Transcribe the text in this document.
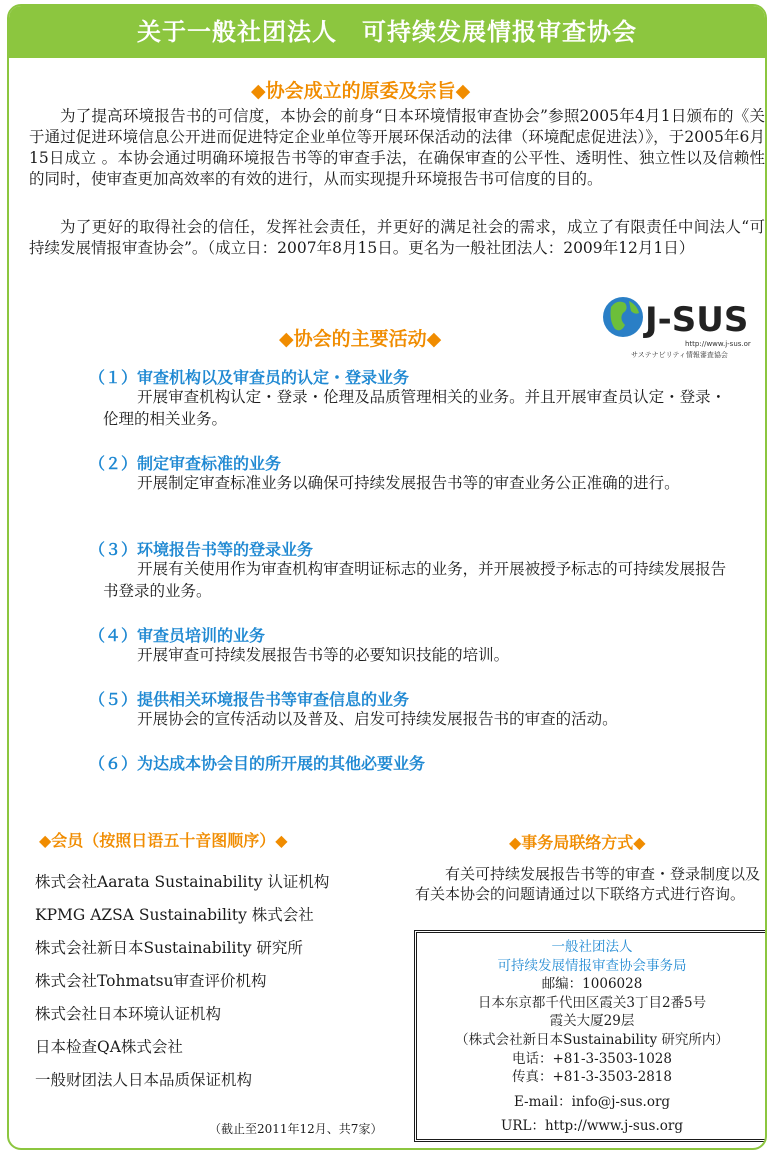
关于一般社团法人　可持续发展情报审查协会
◆协会成立的原委及宗旨◆
为了提高环境报告书的可信度，本协会的前身“日本环境情报审查协会”参照2005年4月1日颁布的《关于通过促进环境信息公开进而促进特定企业单位等开展环保活动的法律（环境配虑促进法）》，于2005年6月15日成立 。本协会通过明确环境报告书等的审查手法，在确保审查的公平性、透明性、独立性以及信赖性的同时，使审查更加高效率的有效的进行，从而实现提升环境报告书可信度的目的。
为了更好的取得社会的信任，发挥社会责任，并更好的满足社会的需求，成立了有限责任中间法人“可持续发展情报审查协会”。（成立日：2007年8月15日。更名为一般社团法人：2009年12月1日）
J-SUS
http://www.j-sus.org
サステナビリティ情報審査協会
◆协会的主要活动◆
（１）审查机构以及审查员的认定・登录业务
开展审查机构认定・登录・伦理及品质管理相关的业务。并且开展审查员认定・登录・伦理的相关业务。
（２）制定审查标准的业务
开展制定审查标准业务以确保可持续发展报告书等的审查业务公正准确的进行。
（３）环境报告书等的登录业务
开展有关使用作为审查机构审查明证标志的业务，并开展被授予标志的可持续发展报告书登录的业务。
（４）审查员培训的业务
开展审查可持续发展报告书等的必要知识技能的培训。
（５）提供相关环境报告书等审查信息的业务
开展协会的宣传活动以及普及、启发可持续发展报告书的审查的活动。
（６）为达成本协会目的所开展的其他必要业务
◆会员（按照日语五十音图顺序）◆
株式会社Aarata Sustainability 认证机构
KPMG AZSA Sustainability 株式会社
株式会社新日本Sustainability 研究所
株式会社Tohmatsu审查评价机构
株式会社日本环境认证机构
日本检查QA株式会社
一般财团法人日本品质保证机构
（截止至2011年12月、共7家）
◆事务局联络方式◆
有关可持续发展报告书等的审查・登录制度以及有关本协会的问题请通过以下联络方式进行咨询。
一般社团法人
可持续发展情报审查协会事务局
邮编：1006028
日本东京都千代田区霞关3丁目2番5号
霞关大厦29层
（株式会社新日本Sustainability 研究所内）
电话：+81-3-3503-1028
传真：+81-3-3503-2818
E-mail：info@j-sus.org
URL：http://www.j-sus.org
